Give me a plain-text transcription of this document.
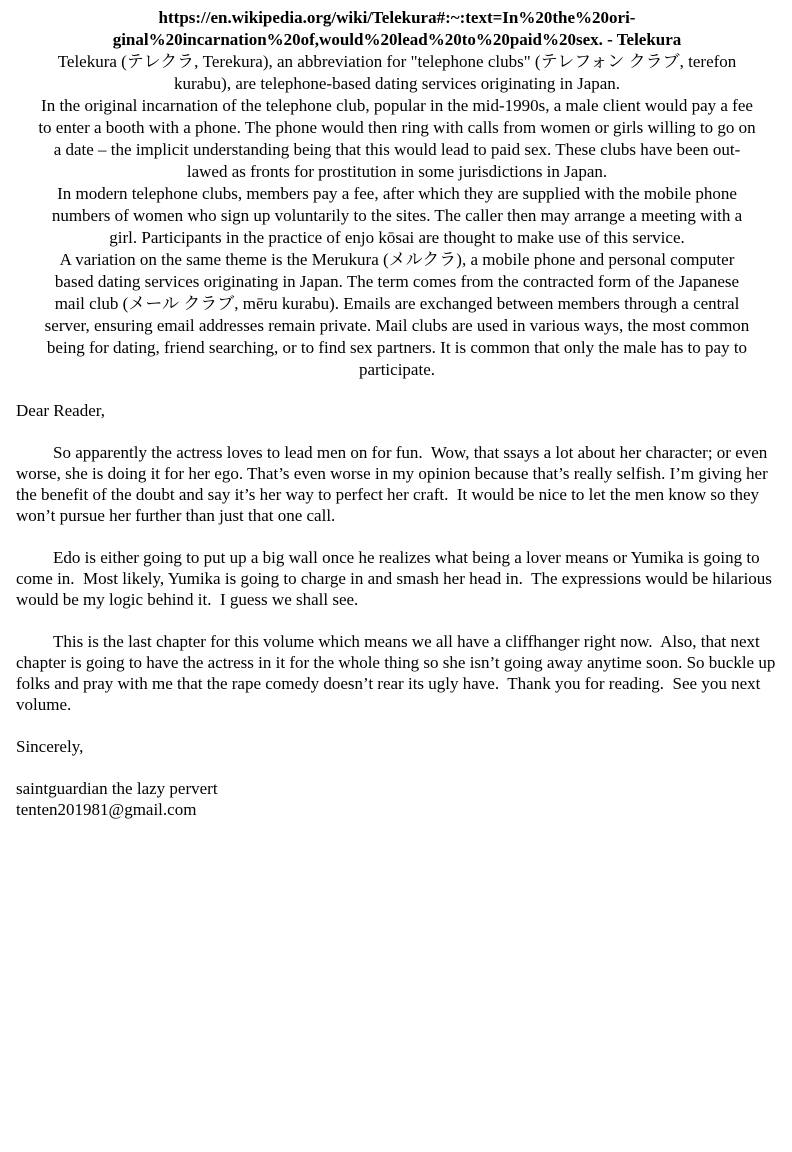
https://en.wikipedia.org/wiki/Telekura#:~:text=In%20the%20ori-
ginal%20incarnation%20of,would%20lead%20to%20paid%20sex. - Telekura
Telekura (テレクラ, Terekura), an abbreviation for "telephone clubs" (テレフォン クラブ, terefon
kurabu), are telephone-based dating services originating in Japan.
In the original incarnation of the telephone club, popular in the mid-1990s, a male client would pay a fee
to enter a booth with a phone. The phone would then ring with calls from women or girls willing to go on
a date – the implicit understanding being that this would lead to paid sex. These clubs have been out-
lawed as fronts for prostitution in some jurisdictions in Japan.
In modern telephone clubs, members pay a fee, after which they are supplied with the mobile phone
numbers of women who sign up voluntarily to the sites. The caller then may arrange a meeting with a
girl. Participants in the practice of enjo kōsai are thought to make use of this service.
A variation on the same theme is the Merukura (メルクラ), a mobile phone and personal computer
based dating services originating in Japan. The term comes from the contracted form of the Japanese
mail club (メール クラブ, mēru kurabu). Emails are exchanged between members through a central
server, ensuring email addresses remain private. Mail clubs are used in various ways, the most common
being for dating, friend searching, or to find sex partners. It is common that only the male has to pay to
participate.
Dear Reader,

So apparently the actress loves to lead men on for fun.  Wow, that ssays a lot about her character; or even worse, she is doing it for her ego. That’s even worse in my opinion because that’s really selfish. I’m giving her the benefit of the doubt and say it’s her way to perfect her craft.  It would be nice to let the men know so they won’t pursue her further than just that one call.

Edo is either going to put up a big wall once he realizes what being a lover means or Yumika is going to come in.  Most likely, Yumika is going to charge in and smash her head in.  The expressions would be hilarious would be my logic behind it.  I guess we shall see.

This is the last chapter for this volume which means we all have a cliffhanger right now.  Also, that next chapter is going to have the actress in it for the whole thing so she isn’t going away anytime soon. So buckle up folks and pray with me that the rape comedy doesn’t rear its ugly have.  Thank you for reading.  See you next volume.

Sincerely,
saintguardian the lazy pervert
tenten201981@gmail.com
